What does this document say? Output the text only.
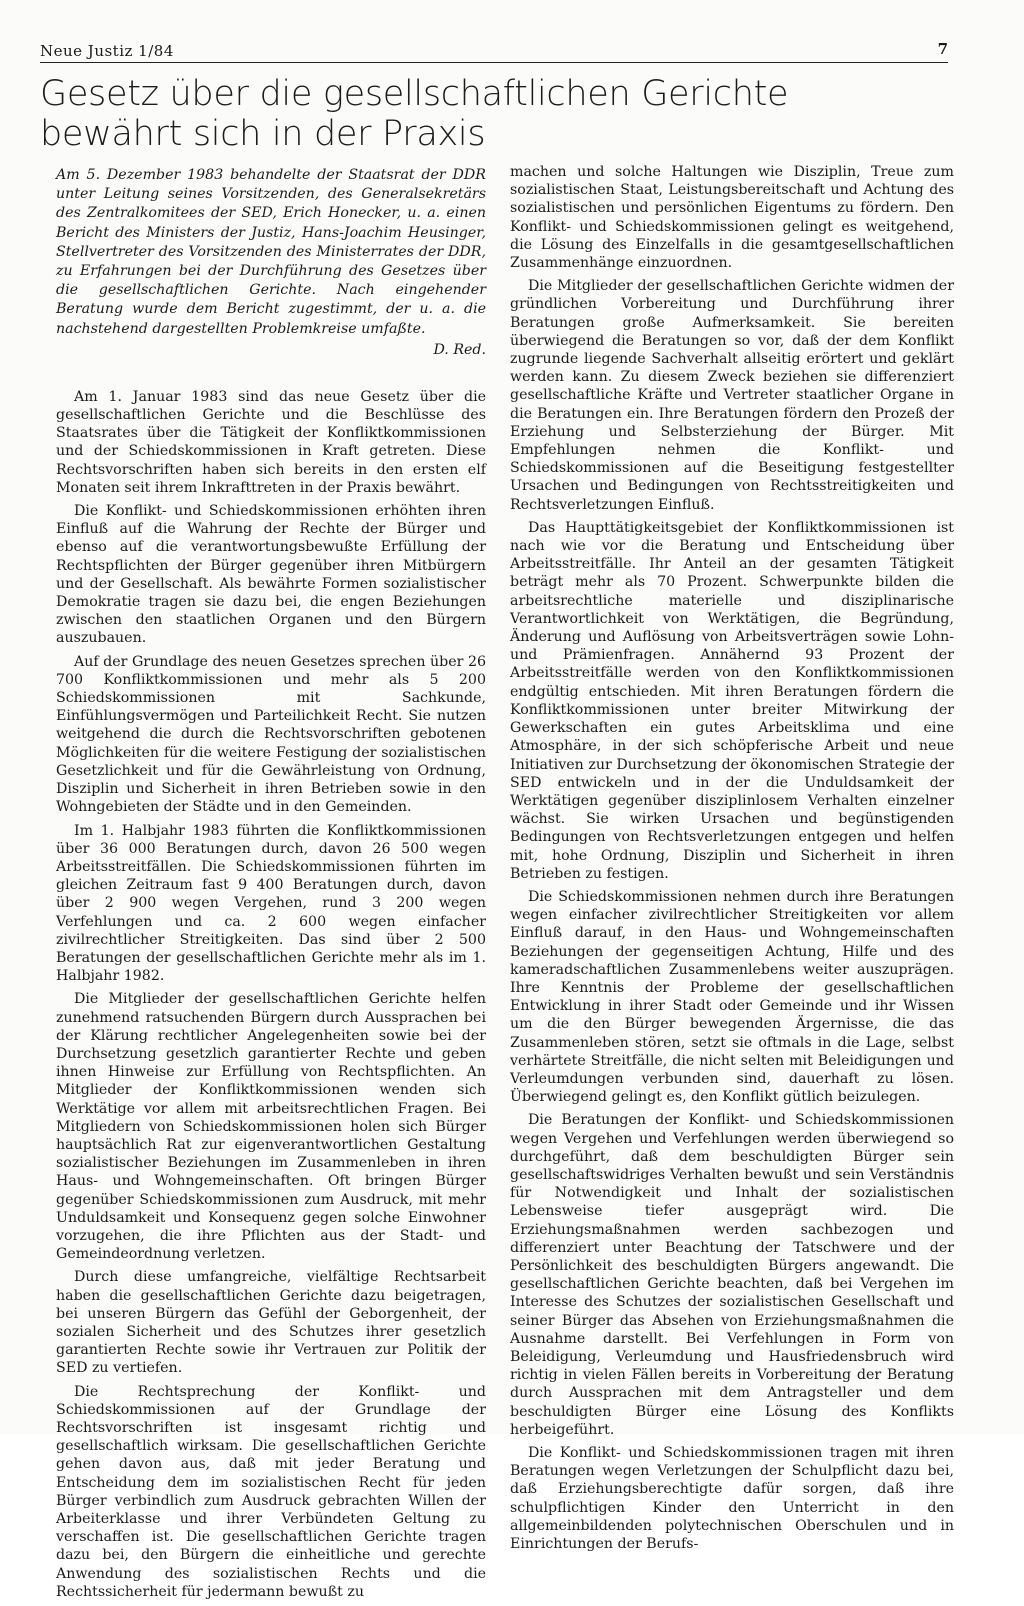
Neue Justiz 1/84	7
Gesetz über die gesellschaftlichen Gerichte
bewährt sich in der Praxis

Am 5. Dezember 1983 behandelte der Staatsrat der DDR unter Leitung seines Vorsitzenden, des Generalsekretärs des Zentralkomitees der SED, Erich Honecker, u. a. einen Bericht des Ministers der Justiz, Hans-Joachim Heusinger, Stellvertreter des Vorsitzenden des Ministerrates der DDR, zu Erfahrungen bei der Durchführung des Gesetzes über die gesellschaftlichen Gerichte. Nach eingehender Beratung wurde dem Bericht zugestimmt, der u. a. die nachstehend dargestellten Problemkreise umfaßte.

D. Red.

Am 1. Januar 1983 sind das neue Gesetz über die gesellschaftlichen Gerichte und die Beschlüsse des Staatsrates über die Tätigkeit der Konfliktkommissionen und der Schiedskommissionen in Kraft getreten. Diese Rechtsvorschriften haben sich bereits in den ersten elf Monaten seit ihrem Inkrafttreten in der Praxis bewährt.

Die Konflikt- und Schiedskommissionen erhöhten ihren Einfluß auf die Wahrung der Rechte der Bürger und ebenso auf die verantwortungsbewußte Erfüllung der Rechtspflichten der Bürger gegenüber ihren Mitbürgern und der Gesellschaft. Als bewährte Formen sozialistischer Demokratie tragen sie dazu bei, die engen Beziehungen zwischen den staatlichen Organen und den Bürgern auszubauen.

Auf der Grundlage des neuen Gesetzes sprechen über 26 700 Konfliktkommissionen und mehr als 5 200 Schiedskommissionen mit Sachkunde, Einfühlungsvermögen und Parteilichkeit Recht. Sie nutzen weitgehend die durch die Rechtsvorschriften gebotenen Möglichkeiten für die weitere Festigung der sozialistischen Gesetzlichkeit und für die Gewährleistung von Ordnung, Disziplin und Sicherheit in ihren Betrieben sowie in den Wohngebieten der Städte und in den Gemeinden.

Im 1. Halbjahr 1983 führten die Konfliktkommissionen über 36 000 Beratungen durch, davon 26 500 wegen Arbeitsstreitfällen. Die Schiedskommissionen führten im gleichen Zeitraum fast 9 400 Beratungen durch, davon über 2 900 wegen Vergehen, rund 3 200 wegen Verfehlungen und ca. 2 600 wegen einfacher zivilrechtlicher Streitigkeiten. Das sind über 2 500 Beratungen der gesellschaftlichen Gerichte mehr als im 1. Halbjahr 1982.

Die Mitglieder der gesellschaftlichen Gerichte helfen zunehmend ratsuchenden Bürgern durch Aussprachen bei der Klärung rechtlicher Angelegenheiten sowie bei der Durchsetzung gesetzlich garantierter Rechte und geben ihnen Hinweise zur Erfüllung von Rechtspflichten. An Mitglieder der Konfliktkommissionen wenden sich Werktätige vor allem mit arbeitsrechtlichen Fragen. Bei Mitgliedern von Schiedskommissionen holen sich Bürger hauptsächlich Rat zur eigenverantwortlichen Gestaltung sozialistischer Beziehungen im Zusammenleben in ihren Haus- und Wohngemeinschaften. Oft bringen Bürger gegenüber Schiedskommissionen zum Ausdruck, mit mehr Unduldsamkeit und Konsequenz gegen solche Einwohner vorzugehen, die ihre Pflichten aus der Stadt- und Gemeindeordnung verletzen.

Durch diese umfangreiche, vielfältige Rechtsarbeit haben die gesellschaftlichen Gerichte dazu beigetragen, bei unseren Bürgern das Gefühl der Geborgenheit, der sozialen Sicherheit und des Schutzes ihrer gesetzlich garantierten Rechte sowie ihr Vertrauen zur Politik der SED zu vertiefen.

Die Rechtsprechung der Konflikt- und Schiedskommissionen auf der Grundlage der Rechtsvorschriften ist insgesamt richtig und gesellschaftlich wirksam. Die gesellschaftlichen Gerichte gehen davon aus, daß mit jeder Beratung und Entscheidung dem im sozialistischen Recht für jeden Bürger verbindlich zum Ausdruck gebrachten Willen der Arbeiterklasse und ihrer Verbündeten Geltung zu verschaffen ist. Die gesellschaftlichen Gerichte tragen dazu bei, den Bürgern die einheitliche und gerechte Anwendung des sozialistischen Rechts und die Rechtssicherheit für jedermann bewußt zu

machen und solche Haltungen wie Disziplin, Treue zum sozialistischen Staat, Leistungsbereitschaft und Achtung des sozialistischen und persönlichen Eigentums zu fördern. Den Konflikt- und Schiedskommissionen gelingt es weitgehend, die Lösung des Einzelfalls in die gesamtgesellschaftlichen Zusammenhänge einzuordnen.

Die Mitglieder der gesellschaftlichen Gerichte widmen der gründlichen Vorbereitung und Durchführung ihrer Beratungen große Aufmerksamkeit. Sie bereiten überwiegend die Beratungen so vor, daß der dem Konflikt zugrunde liegende Sachverhalt allseitig erörtert und geklärt werden kann. Zu diesem Zweck beziehen sie differenziert gesellschaftliche Kräfte und Vertreter staatlicher Organe in die Beratungen ein. Ihre Beratungen fördern den Prozeß der Erziehung und Selbsterziehung der Bürger. Mit Empfehlungen nehmen die Konflikt- und Schiedskommissionen auf die Beseitigung festgestellter Ursachen und Bedingungen von Rechtsstreitigkeiten und Rechtsverletzungen Einfluß.

Das Haupttätigkeitsgebiet der Konfliktkommissionen ist nach wie vor die Beratung und Entscheidung über Arbeitsstreitfälle. Ihr Anteil an der gesamten Tätigkeit beträgt mehr als 70 Prozent. Schwerpunkte bilden die arbeitsrechtliche materielle und disziplinarische Verantwortlichkeit von Werktätigen, die Begründung, Änderung und Auflösung von Arbeitsverträgen sowie Lohn- und Prämienfragen. Annähernd 93 Prozent der Arbeitsstreitfälle werden von den Konfliktkommissionen endgültig entschieden. Mit ihren Beratungen fördern die Konfliktkommissionen unter breiter Mitwirkung der Gewerkschaften ein gutes Arbeitsklima und eine Atmosphäre, in der sich schöpferische Arbeit und neue Initiativen zur Durchsetzung der ökonomischen Strategie der SED entwickeln und in der die Unduldsamkeit der Werktätigen gegenüber disziplinlosem Verhalten einzelner wächst. Sie wirken Ursachen und begünstigenden Bedingungen von Rechtsverletzungen entgegen und helfen mit, hohe Ordnung, Disziplin und Sicherheit in ihren Betrieben zu festigen.

Die Schiedskommissionen nehmen durch ihre Beratungen wegen einfacher zivilrechtlicher Streitigkeiten vor allem Einfluß darauf, in den Haus- und Wohngemeinschaften Beziehungen der gegenseitigen Achtung, Hilfe und des kameradschaftlichen Zusammenlebens weiter auszuprägen. Ihre Kenntnis der Probleme der gesellschaftlichen Entwicklung in ihrer Stadt oder Gemeinde und ihr Wissen um die den Bürger bewegenden Ärgernisse, die das Zusammenleben stören, setzt sie oftmals in die Lage, selbst verhärtete Streitfälle, die nicht selten mit Beleidigungen und Verleumdungen verbunden sind, dauerhaft zu lösen. Überwiegend gelingt es, den Konflikt gütlich beizulegen.

Die Beratungen der Konflikt- und Schiedskommissionen wegen Vergehen und Verfehlungen werden überwiegend so durchgeführt, daß dem beschuldigten Bürger sein gesellschaftswidriges Verhalten bewußt und sein Verständnis für Notwendigkeit und Inhalt der sozialistischen Lebensweise tiefer ausgeprägt wird. Die Erziehungsmaßnahmen werden sachbezogen und differenziert unter Beachtung der Tatschwere und der Persönlichkeit des beschuldigten Bürgers angewandt. Die gesellschaftlichen Gerichte beachten, daß bei Vergehen im Interesse des Schutzes der sozialistischen Gesellschaft und seiner Bürger das Absehen von Erziehungsmaßnahmen die Ausnahme darstellt. Bei Verfehlungen in Form von Beleidigung, Verleumdung und Hausfriedensbruch wird richtig in vielen Fällen bereits in Vorbereitung der Beratung durch Aussprachen mit dem Antragsteller und dem beschuldigten Bürger eine Lösung des Konflikts herbeigeführt.

Die Konflikt- und Schiedskommissionen tragen mit ihren Beratungen wegen Verletzungen der Schulpflicht dazu bei, daß Erziehungsberechtigte dafür sorgen, daß ihre schulpflichtigen Kinder den Unterricht in den allgemeinbildenden polytechnischen Oberschulen und in Einrichtungen der Berufs-
